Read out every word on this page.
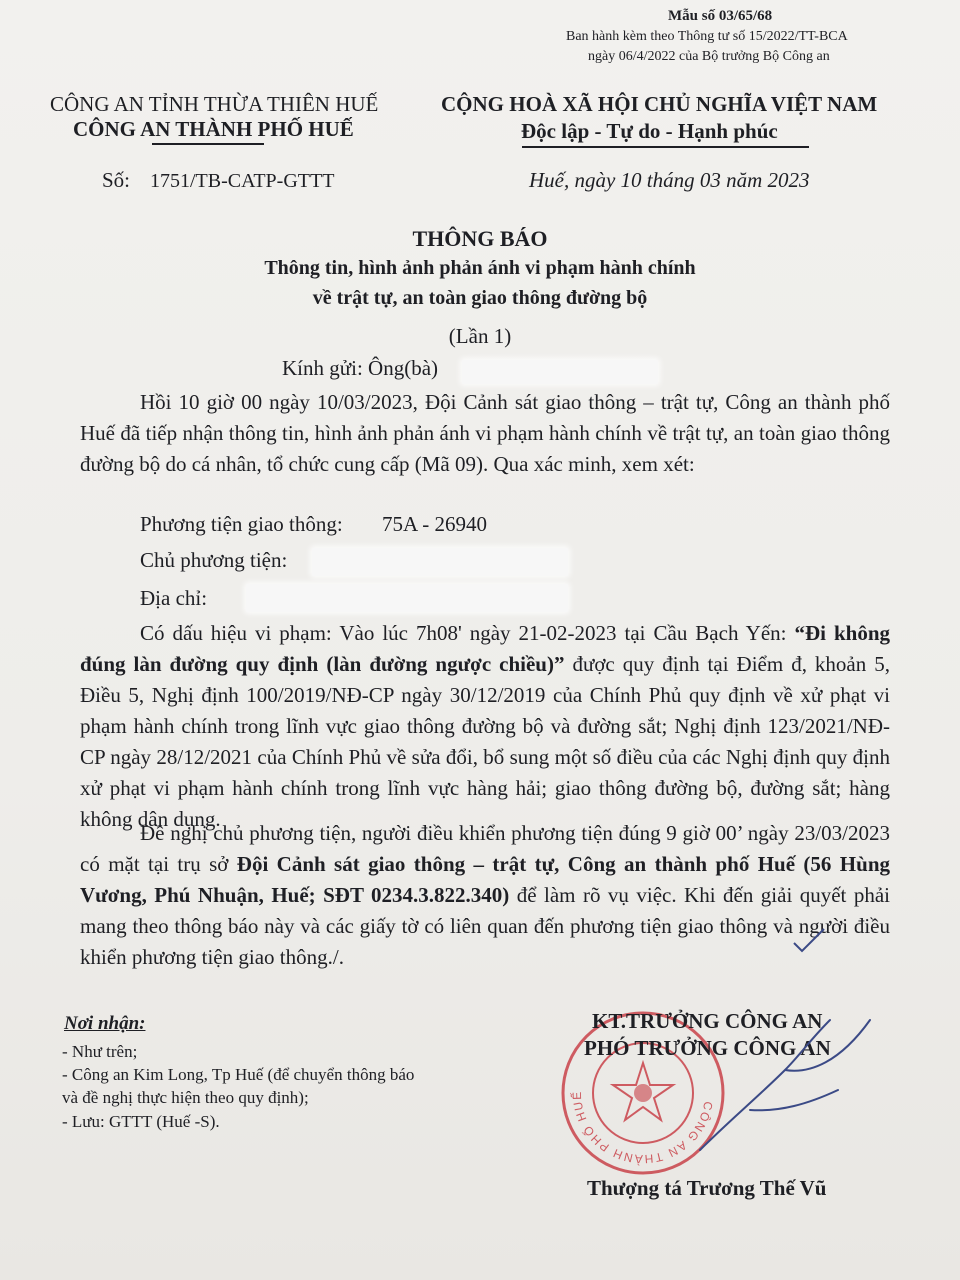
Mẫu số 03/65/68
Ban hành kèm theo Thông tư số 15/2022/TT-BCA
ngày 06/4/2022 của Bộ trưởng Bộ Công an
CÔNG AN TỈNH THỪA THIÊN HUẾ
CÔNG AN THÀNH PHỐ HUẾ
Số: 1751/TB-CATP-GTTT
CỘNG HOÀ XÃ HỘI CHỦ NGHĨA VIỆT NAM
Độc lập - Tự do - Hạnh phúc
Huế, ngày 10 tháng 03 năm 2023
THÔNG BÁO
Thông tin, hình ảnh phản ánh vi phạm hành chính
về trật tự, an toàn giao thông đường bộ
(Lần 1)
Kính gửi: Ông(bà)
Hồi 10 giờ 00 ngày 10/03/2023, Đội Cảnh sát giao thông – trật tự, Công an thành phố Huế đã tiếp nhận thông tin, hình ảnh phản ánh vi phạm hành chính về trật tự, an toàn giao thông đường bộ do cá nhân, tổ chức cung cấp (Mã 09). Qua xác minh, xem xét:
Phương tiện giao thông: 75A - 26940
Chủ phương tiện:
Địa chỉ:
Có dấu hiệu vi phạm: Vào lúc 7h08' ngày 21-02-2023 tại Cầu Bạch Yến: “Đi không đúng làn đường quy định (làn đường ngược chiều)” được quy định tại Điểm đ, khoản 5, Điều 5, Nghị định 100/2019/NĐ-CP ngày 30/12/2019 của Chính Phủ quy định về xử phạt vi phạm hành chính trong lĩnh vực giao thông đường bộ và đường sắt; Nghị định 123/2021/NĐ-CP ngày 28/12/2021 của Chính Phủ về sửa đổi, bổ sung một số điều của các Nghị định quy định xử phạt vi phạm hành chính trong lĩnh vực hàng hải; giao thông đường bộ, đường sắt; hàng không dân dụng.
Đề nghị chủ phương tiện, người điều khiển phương tiện đúng 9 giờ 00’ ngày 23/03/2023 có mặt tại trụ sở Đội Cảnh sát giao thông – trật tự, Công an thành phố Huế (56 Hùng Vương, Phú Nhuận, Huế; SĐT 0234.3.822.340) để làm rõ vụ việc. Khi đến giải quyết phải mang theo thông báo này và các giấy tờ có liên quan đến phương tiện giao thông và người điều khiển phương tiện giao thông./.
Nơi nhận:
- Như trên;
- Công an Kim Long, Tp Huế (để chuyển thông báo
và đề nghị thực hiện theo quy định);
- Lưu: GTTT (Huế -S).
CÔNG AN THÀNH PHỐ HUẾ
KT.TRƯỞNG CÔNG AN
PHÓ TRƯỞNG CÔNG AN
Thượng tá Trương Thế Vũ
